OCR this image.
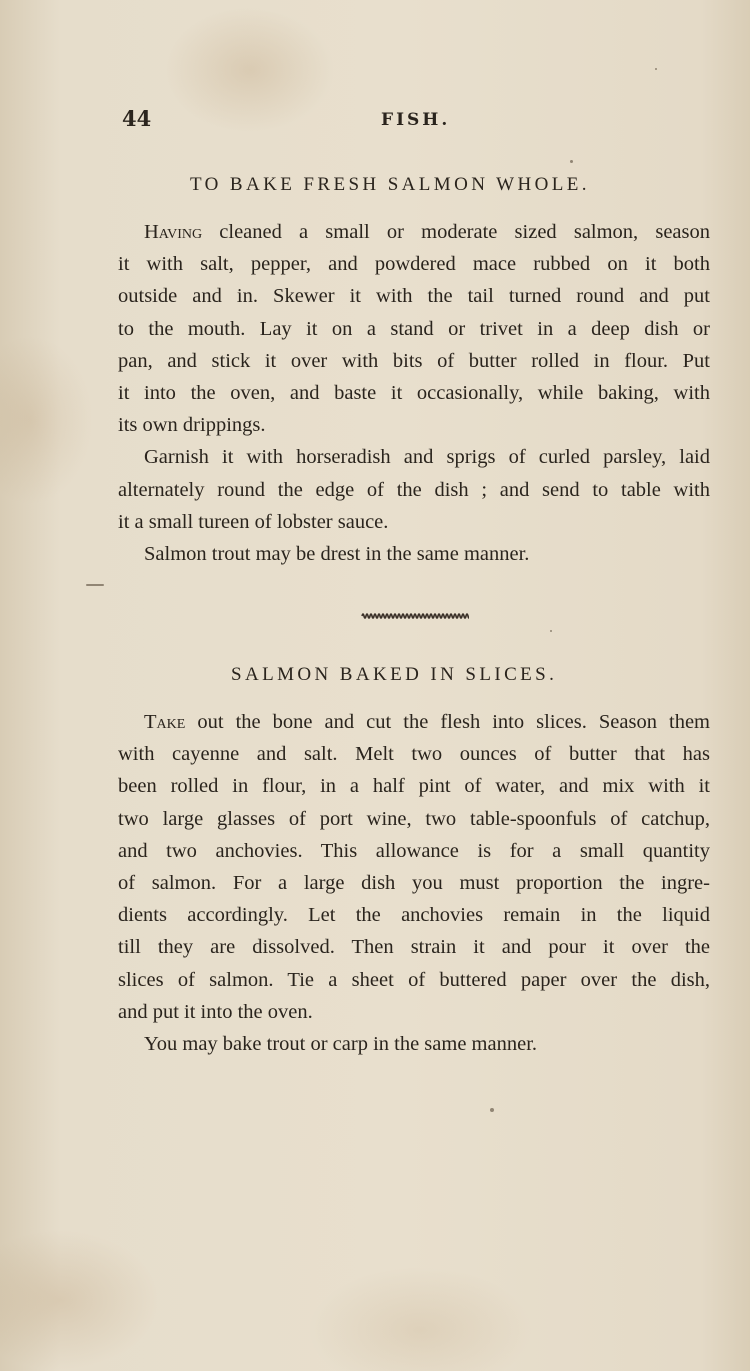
44	FISH.
TO BAKE FRESH SALMON WHOLE.
Having cleaned a small or moderate sized salmon, season
it with salt, pepper, and powdered mace rubbed on it both
outside and in. Skewer it with the tail turned round and put
to the mouth. Lay it on a stand or trivet in a deep dish or
pan, and stick it over with bits of butter rolled in flour. Put
it into the oven, and baste it occasionally, while baking, with
its own drippings.
Garnish it with horseradish and sprigs of curled parsley, laid
alternately round the edge of the dish ; and send to table with
it a small tureen of lobster sauce.
Salmon trout may be drest in the same manner.
SALMON BAKED IN SLICES.
Take out the bone and cut the flesh into slices. Season them
with cayenne and salt. Melt two ounces of butter that has
been rolled in flour, in a half pint of water, and mix with it
two large glasses of port wine, two table-spoonfuls of catchup,
and two anchovies. This allowance is for a small quantity
of salmon. For a large dish you must proportion the ingre-
dients accordingly. Let the anchovies remain in the liquid
till they are dissolved. Then strain it and pour it over the
slices of salmon. Tie a sheet of buttered paper over the dish,
and put it into the oven.
You may bake trout or carp in the same manner.
